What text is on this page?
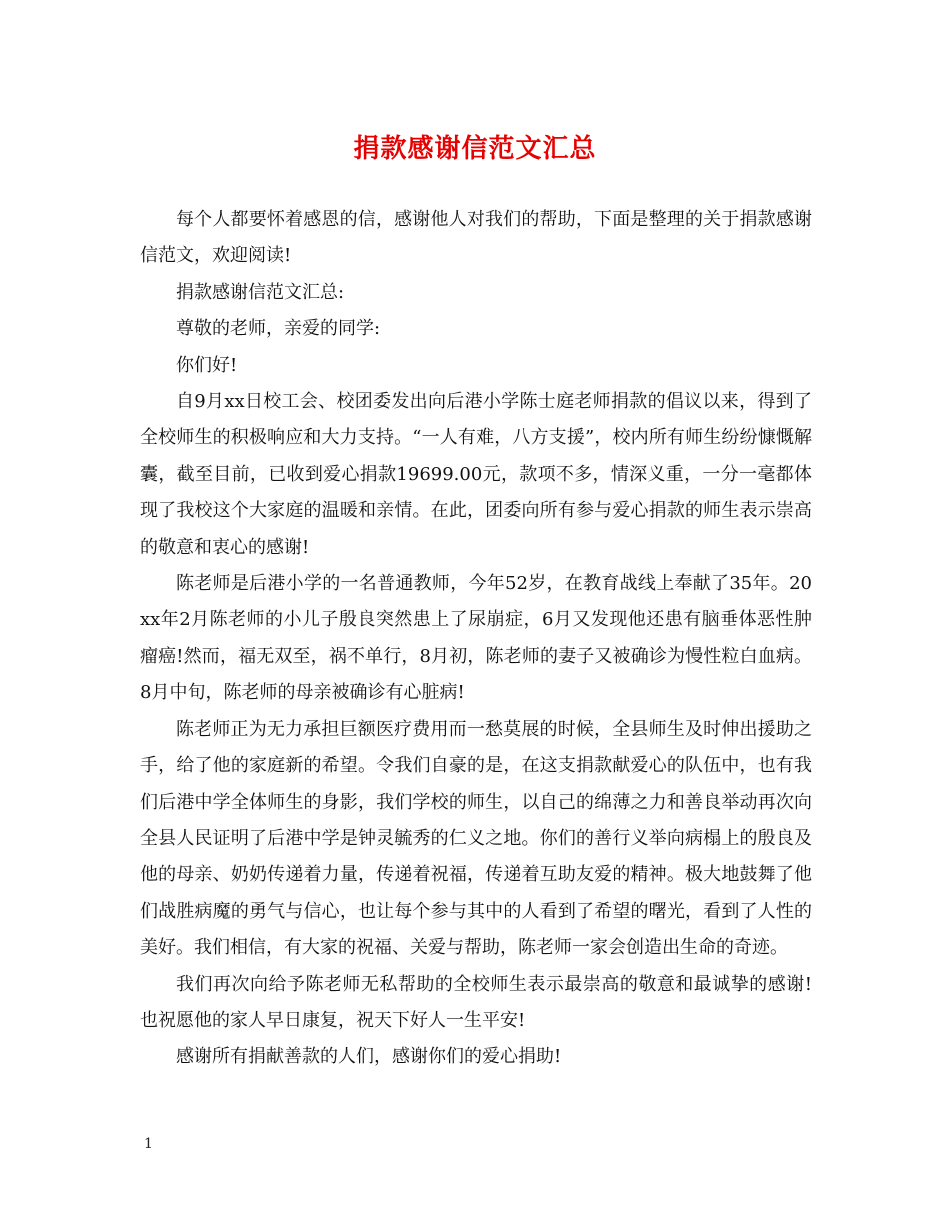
捐款感谢信范文汇总

每个人都要怀着感恩的信，感谢他人对我们的帮助，下面是整理的关于捐款感谢信范文，欢迎阅读!

捐款感谢信范文汇总:

尊敬的老师，亲爱的同学:

你们好!

自9月xx日校工会、校团委发出向后港小学陈士庭老师捐款的倡议以来，得到了全校师生的积极响应和大力支持。“一人有难，八方支援”，校内所有师生纷纷慷慨解囊，截至目前，已收到爱心捐款19699.00元，款项不多，情深义重，一分一毫都体现了我校这个大家庭的温暖和亲情。在此，团委向所有参与爱心捐款的师生表示崇高的敬意和衷心的感谢!

陈老师是后港小学的一名普通教师，今年52岁，在教育战线上奉献了35年。20xx年2月陈老师的小儿子殷良突然患上了尿崩症，6月又发现他还患有脑垂体恶性肿瘤癌!然而，福无双至，祸不单行，8月初，陈老师的妻子又被确诊为慢性粒白血病。8月中旬，陈老师的母亲被确诊有心脏病!

陈老师正为无力承担巨额医疗费用而一愁莫展的时候，全县师生及时伸出援助之手，给了他的家庭新的希望。令我们自豪的是，在这支捐款献爱心的队伍中，也有我们后港中学全体师生的身影，我们学校的师生，以自己的绵薄之力和善良举动再次向全县人民证明了后港中学是钟灵毓秀的仁义之地。你们的善行义举向病榻上的殷良及他的母亲、奶奶传递着力量，传递着祝福，传递着互助友爱的精神。极大地鼓舞了他们战胜病魔的勇气与信心，也让每个参与其中的人看到了希望的曙光，看到了人性的美好。我们相信，有大家的祝福、关爱与帮助，陈老师一家会创造出生命的奇迹。

我们再次向给予陈老师无私帮助的全校师生表示最崇高的敬意和最诚挚的感谢!也祝愿他的家人早日康复，祝天下好人一生平安!

感谢所有捐献善款的人们，感谢你们的爱心捐助!

1
